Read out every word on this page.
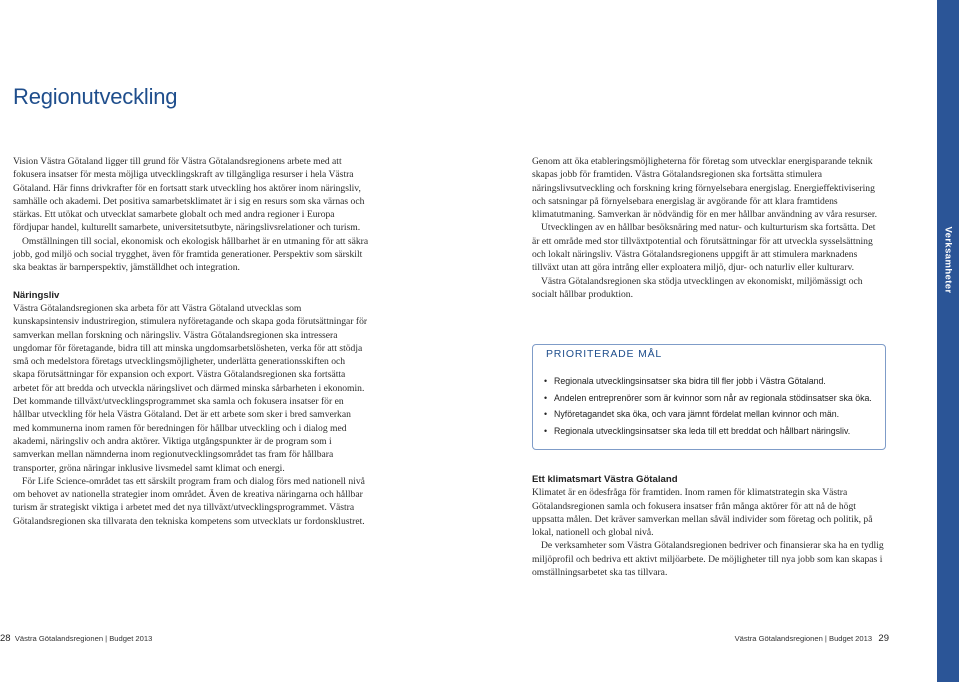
Regionutveckling

Vision Västra Götaland ligger till grund för Västra Götalandsregionens arbete med att fokusera insatser för mesta möjliga utvecklingskraft av tillgängliga resurser i hela Västra Götaland. Här finns drivkrafter för en fortsatt stark utveckling hos aktörer inom näringsliv, samhälle och akademi. Det positiva samarbetsklimatet är i sig en resurs som ska värnas och stärkas. Ett utökat och utvecklat samarbete globalt och med andra regioner i Europa fördjupar handel, kulturellt samarbete, universitetsutbyte, näringslivsrelationer och turism.

Omställningen till social, ekonomisk och ekologisk hållbarhet är en utmaning för att säkra jobb, god miljö och social trygghet, även för framtida generationer. Perspektiv som särskilt ska beaktas är barnperspektiv, jämställdhet och integration.

Näringsliv

Västra Götalandsregionen ska arbeta för att Västra Götaland utvecklas som kunskapsintensiv industriregion, stimulera nyföretagande och skapa goda förutsättningar för samverkan mellan forskning och näringsliv. Västra Götalandsregionen ska intressera ungdomar för företagande, bidra till att minska ungdomsarbetslösheten, verka för att stödja små och medelstora företags utvecklingsmöjligheter, underlätta generationsskiften och skapa förutsättningar för expansion och export. Västra Götalandsregionen ska fortsätta arbetet för att bredda och utveckla näringslivet och därmed minska sårbarheten i ekonomin. Det kommande tillväxt/utvecklingsprogrammet ska samla och fokusera insatser för en hållbar utveckling för hela Västra Götaland. Det är ett arbete som sker i bred samverkan med kommunerna inom ramen för beredningen för hållbar utveckling och i dialog med akademi, näringsliv och andra aktörer. Viktiga utgångspunkter är de program som i samverkan mellan nämnderna inom regionutvecklingsområdet tas fram för hållbara transporter, gröna näringar inklusive livsmedel samt klimat och energi.

För Life Science-området tas ett särskilt program fram och dialog förs med nationell nivå om behovet av nationella strategier inom området. Även de kreativa näringarna och hållbar turism är strategiskt viktiga i arbetet med det nya tillväxt/utvecklingsprogrammet. Västra Götalandsregionen ska tillvarata den tekniska kompetens som utvecklats ur fordonsklustret.

Genom att öka etableringsmöjligheterna för företag som utvecklar energisparande teknik skapas jobb för framtiden. Västra Götalandsregionen ska fortsätta stimulera näringslivsutveckling och forskning kring förnyelsebara energislag. Energieffektivisering och satsningar på förnyelsebara energislag är avgörande för att klara framtidens klimatutmaning. Samverkan är nödvändig för en mer hållbar användning av våra resurser.

Utvecklingen av en hållbar besöksnäring med natur- och kulturturism ska fortsätta. Det är ett område med stor tillväxtpotential och förutsättningar för att utveckla sysselsättning och lokalt näringsliv. Västra Götalandsregionens uppgift är att stimulera marknadens tillväxt utan att göra intrång eller exploatera miljö, djur- och naturliv eller kulturarv.

Västra Götalandsregionen ska stödja utvecklingen av ekonomiskt, miljömässigt och socialt hållbar produktion.

PRIORITERADE MÅL
• Regionala utvecklingsinsatser ska bidra till fler jobb i Västra Götaland.
• Andelen entreprenörer som är kvinnor som når av regionala stödinsatser ska öka.
• Nyföretagandet ska öka, och vara jämnt fördelat mellan kvinnor och män.
• Regionala utvecklingsinsatser ska leda till ett breddat och hållbart näringsliv.

Ett klimatsmart Västra Götaland

Klimatet är en ödesfråga för framtiden. Inom ramen för klimatstrategin ska Västra Götalandsregionen samla och fokusera insatser från många aktörer för att nå de högt uppsatta målen. Det kräver samverkan mellan såväl individer som företag och politik, på lokal, nationell och global nivå.

De verksamheter som Västra Götalandsregionen bedriver och finansierar ska ha en tydlig miljöprofil och bedriva ett aktivt miljöarbete. De möjligheter till nya jobb som kan skapas i omställningsarbetet ska tas tillvara.

Verksamheter
28 Västra Götalandsregionen | Budget 2013	Västra Götalandsregionen | Budget 2013 29
